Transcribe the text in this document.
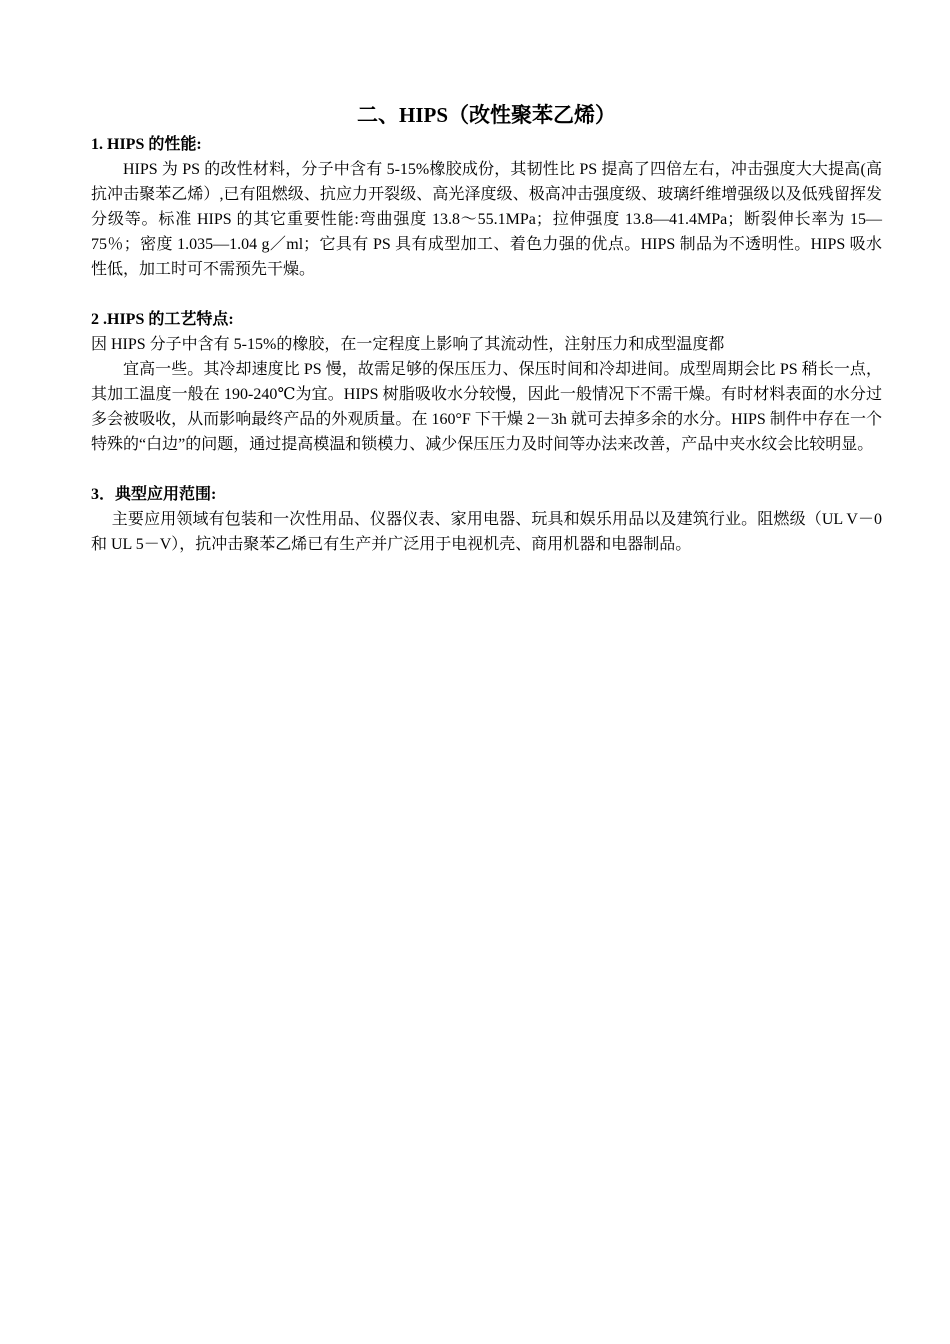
二、HIPS（改性聚苯乙烯）

1. HIPS 的性能:

HIPS 为 PS 的改性材料，分子中含有 5-15%橡胶成份，其韧性比 PS 提高了四倍左右，冲击强度大大提高(高抗冲击聚苯乙烯）,已有阻燃级、抗应力开裂级、高光泽度级、极高冲击强度级、玻璃纤维增强级以及低残留挥发分级等。标准 HIPS 的其它重要性能:弯曲强度 13.8～55.1MPa；拉伸强度 13.8—41.4MPa；断裂伸长率为 15—75％；密度 1.035—1.04 g／ml；它具有 PS 具有成型加工、着色力强的优点。HIPS 制品为不透明性。HIPS 吸水性低，加工时可不需预先干燥。

2 .HIPS 的工艺特点:

因 HIPS 分子中含有 5-15%的橡胶，在一定程度上影响了其流动性，注射压力和成型温度都

宜高一些。其冷却速度比 PS 慢，故需足够的保压压力、保压时间和冷却进间。成型周期会比 PS 稍长一点，其加工温度一般在 190-240℃为宜。HIPS 树脂吸收水分较慢，因此一般情况下不需干燥。有时材料表面的水分过多会被吸收，从而影响最终产品的外观质量。在 160°F 下干燥 2－3h 就可去掉多余的水分。HIPS 制件中存在一个特殊的“白边”的问题，通过提高模温和锁模力、减少保压压力及时间等办法来改善，产品中夹水纹会比较明显。

3．典型应用范围:

主要应用领域有包装和一次性用品、仪器仪表、家用电器、玩具和娱乐用品以及建筑行业。阻燃级（UL V－0 和 UL 5－V），抗冲击聚苯乙烯已有生产并广泛用于电视机壳、商用机器和电器制品。
